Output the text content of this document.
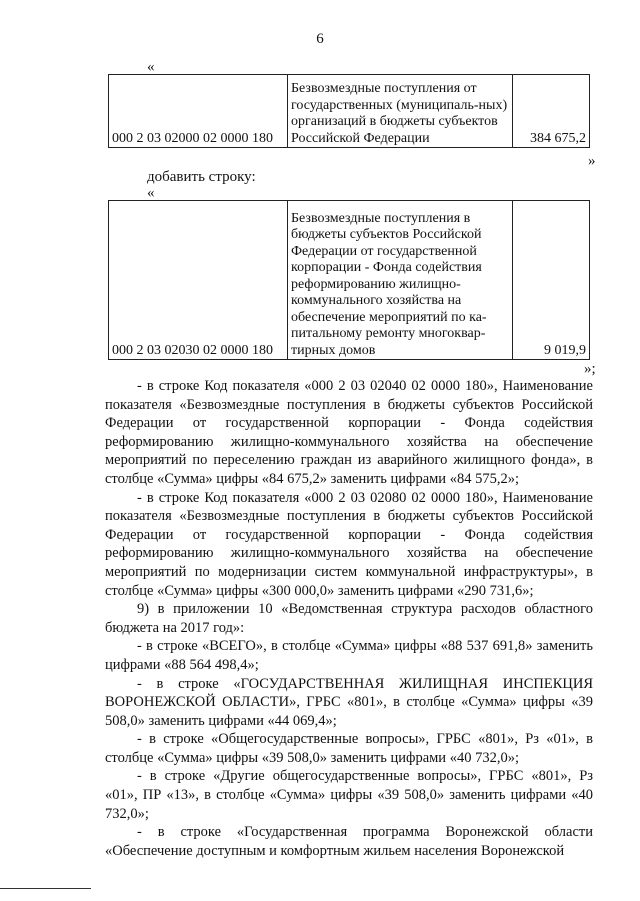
6
«
000 2 03 02000 02 0000 180	Безвозмездные поступления от государственных (муниципаль-ных) организаций в бюджеты субъектов Российской Федерации	384 675,2
»
добавить строку:
«
000 2 03 02030 02 0000 180	Безвозмездные поступления в бюджеты субъектов Российской Федерации от государственной корпорации - Фонда содействия реформированию жилищно-коммунального хозяйства на обеспечение мероприятий по ка-питальному ремонту многоквар-тирных домов	9 019,9
»;

- в строке Код показателя «000 2 03 02040 02 0000 180», Наименование показателя «Безвозмездные поступления в бюджеты субъектов Российской Федерации от государственной корпорации - Фонда содействия реформированию жилищно-коммунального хозяйства на обеспечение мероприятий по переселению граждан из аварийного жилищного фонда», в столбце «Сумма» цифры «84 675,2» заменить цифрами «84 575,2»;

- в строке Код показателя «000 2 03 02080 02 0000 180», Наименование показателя «Безвозмездные поступления в бюджеты субъектов Российской Федерации от государственной корпорации - Фонда содействия реформированию жилищно-коммунального хозяйства на обеспечение мероприятий по модернизации систем коммунальной инфраструктуры», в столбце «Сумма» цифры «300 000,0» заменить цифрами «290 731,6»;

9) в приложении 10 «Ведомственная структура расходов областного бюджета на 2017 год»:

- в строке «ВСЕГО», в столбце «Сумма» цифры «88 537 691,8» заменить цифрами «88 564 498,4»;

- в строке «ГОСУДАРСТВЕННАЯ ЖИЛИЩНАЯ ИНСПЕКЦИЯ ВОРОНЕЖСКОЙ ОБЛАСТИ», ГРБС «801», в столбце «Сумма» цифры «39 508,0» заменить цифрами «44 069,4»;

- в строке «Общегосударственные вопросы», ГРБС «801», Рз «01», в столбце «Сумма» цифры «39 508,0» заменить цифрами «40 732,0»;

- в строке «Другие общегосударственные вопросы», ГРБС «801», Рз «01», ПР «13», в столбце «Сумма» цифры «39 508,0» заменить цифрами «40 732,0»;

- в строке «Государственная программа Воронежской области «Обеспечение доступным и комфортным жильем населения Воронежской
